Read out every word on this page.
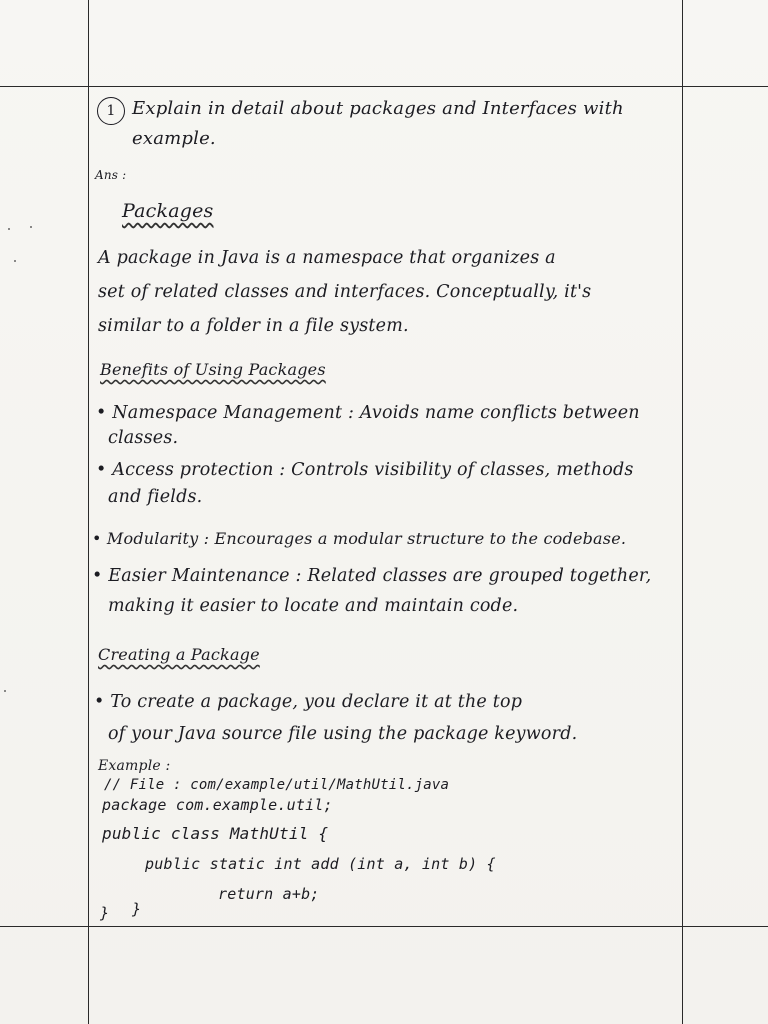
1 Explain in detail about packages and Interfaces with
example.
Ans :
Packages
A package in Java is a namespace that organizes a
set of related classes and interfaces. Conceptually, it's
similar to a folder in a file system.
Benefits of Using Packages
• Namespace Management : Avoids name conflicts between
classes.
• Access protection : Controls visibility of classes, methods
and fields.
• Modularity : Encourages a modular structure to the codebase.
• Easier Maintenance : Related classes are grouped together,
making it easier to locate and maintain code.
Creating a Package
• To create a package, you declare it at the top
of your Java source file using the package keyword.
Example :
// File : com/example/util/MathUtil.java
package com.example.util;
public class MathUtil {
public static int add (int a, int b) {
return a+b;
}
}
